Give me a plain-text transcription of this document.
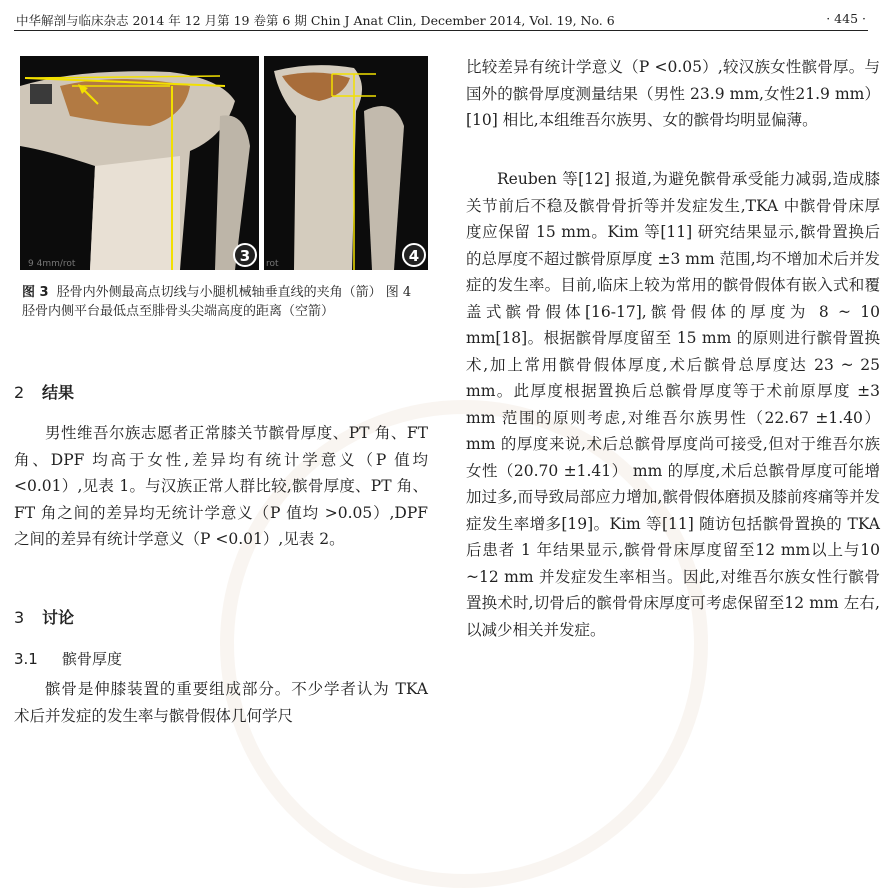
中华解剖与临床杂志 2014 年 12 月第 19 卷第 6 期 Chin J Anat Clin, December 2014, Vol. 19, No. 6	· 445 ·
3
9 4mm/rot	4
rot
图 3 胫骨内外侧最高点切线与小腿机械轴垂直线的夹角（箭） 图 4 胫骨内侧平台最低点至腓骨头尖端高度的距离（空箭）
2 结果
男性维吾尔族志愿者正常膝关节髌骨厚度、PT 角、FT 角、DPF 均高于女性,差异均有统计学意义（P 值均 <0.01）,见表 1。与汉族正常人群比较,髌骨厚度、PT 角、FT 角之间的差异均无统计学意义（P 值均 >0.05）,DPF 之间的差异有统计学意义（P <0.01）,见表 2。
3 讨论
3.1 髌骨厚度
髌骨是伸膝装置的重要组成部分。不少学者认为 TKA 术后并发症的发生率与髌骨假体几何学尺
比较差异有统计学意义（P <0.05）,较汉族女性髌骨厚。与国外的髌骨厚度测量结果（男性 23.9 mm,女性21.9 mm）[10] 相比,本组维吾尔族男、女的髌骨均明显偏薄。
Reuben 等[12] 报道,为避免髌骨承受能力减弱,造成膝关节前后不稳及髌骨骨折等并发症发生,TKA 中髌骨骨床厚度应保留 15 mm。Kim 等[11] 研究结果显示,髌骨置换后的总厚度不超过髌骨原厚度 ±3 mm 范围,均不增加术后并发症的发生率。目前,临床上较为常用的髌骨假体有嵌入式和覆盖式髌骨假体[16-17],髌骨假体的厚度为 8 ~ 10 mm[18]。根据髌骨厚度留至 15 mm 的原则进行髌骨置换术,加上常用髌骨假体厚度,术后髌骨总厚度达 23 ~ 25 mm。此厚度根据置换后总髌骨厚度等于术前原厚度 ±3 mm 范围的原则考虑,对维吾尔族男性（22.67 ±1.40） mm 的厚度来说,术后总髌骨厚度尚可接受,但对于维吾尔族女性（20.70 ±1.41） mm 的厚度,术后总髌骨厚度可能增加过多,而导致局部应力增加,髌骨假体磨损及膝前疼痛等并发症发生率增多[19]。Kim 等[11] 随访包括髌骨置换的 TKA 后患者 1 年结果显示,髌骨骨床厚度留至12 mm以上与10 ~12 mm 并发症发生率相当。因此,对维吾尔族女性行髌骨置换术时,切骨后的髌骨骨床厚度可考虑保留至12 mm 左右,以减少相关并发症。
